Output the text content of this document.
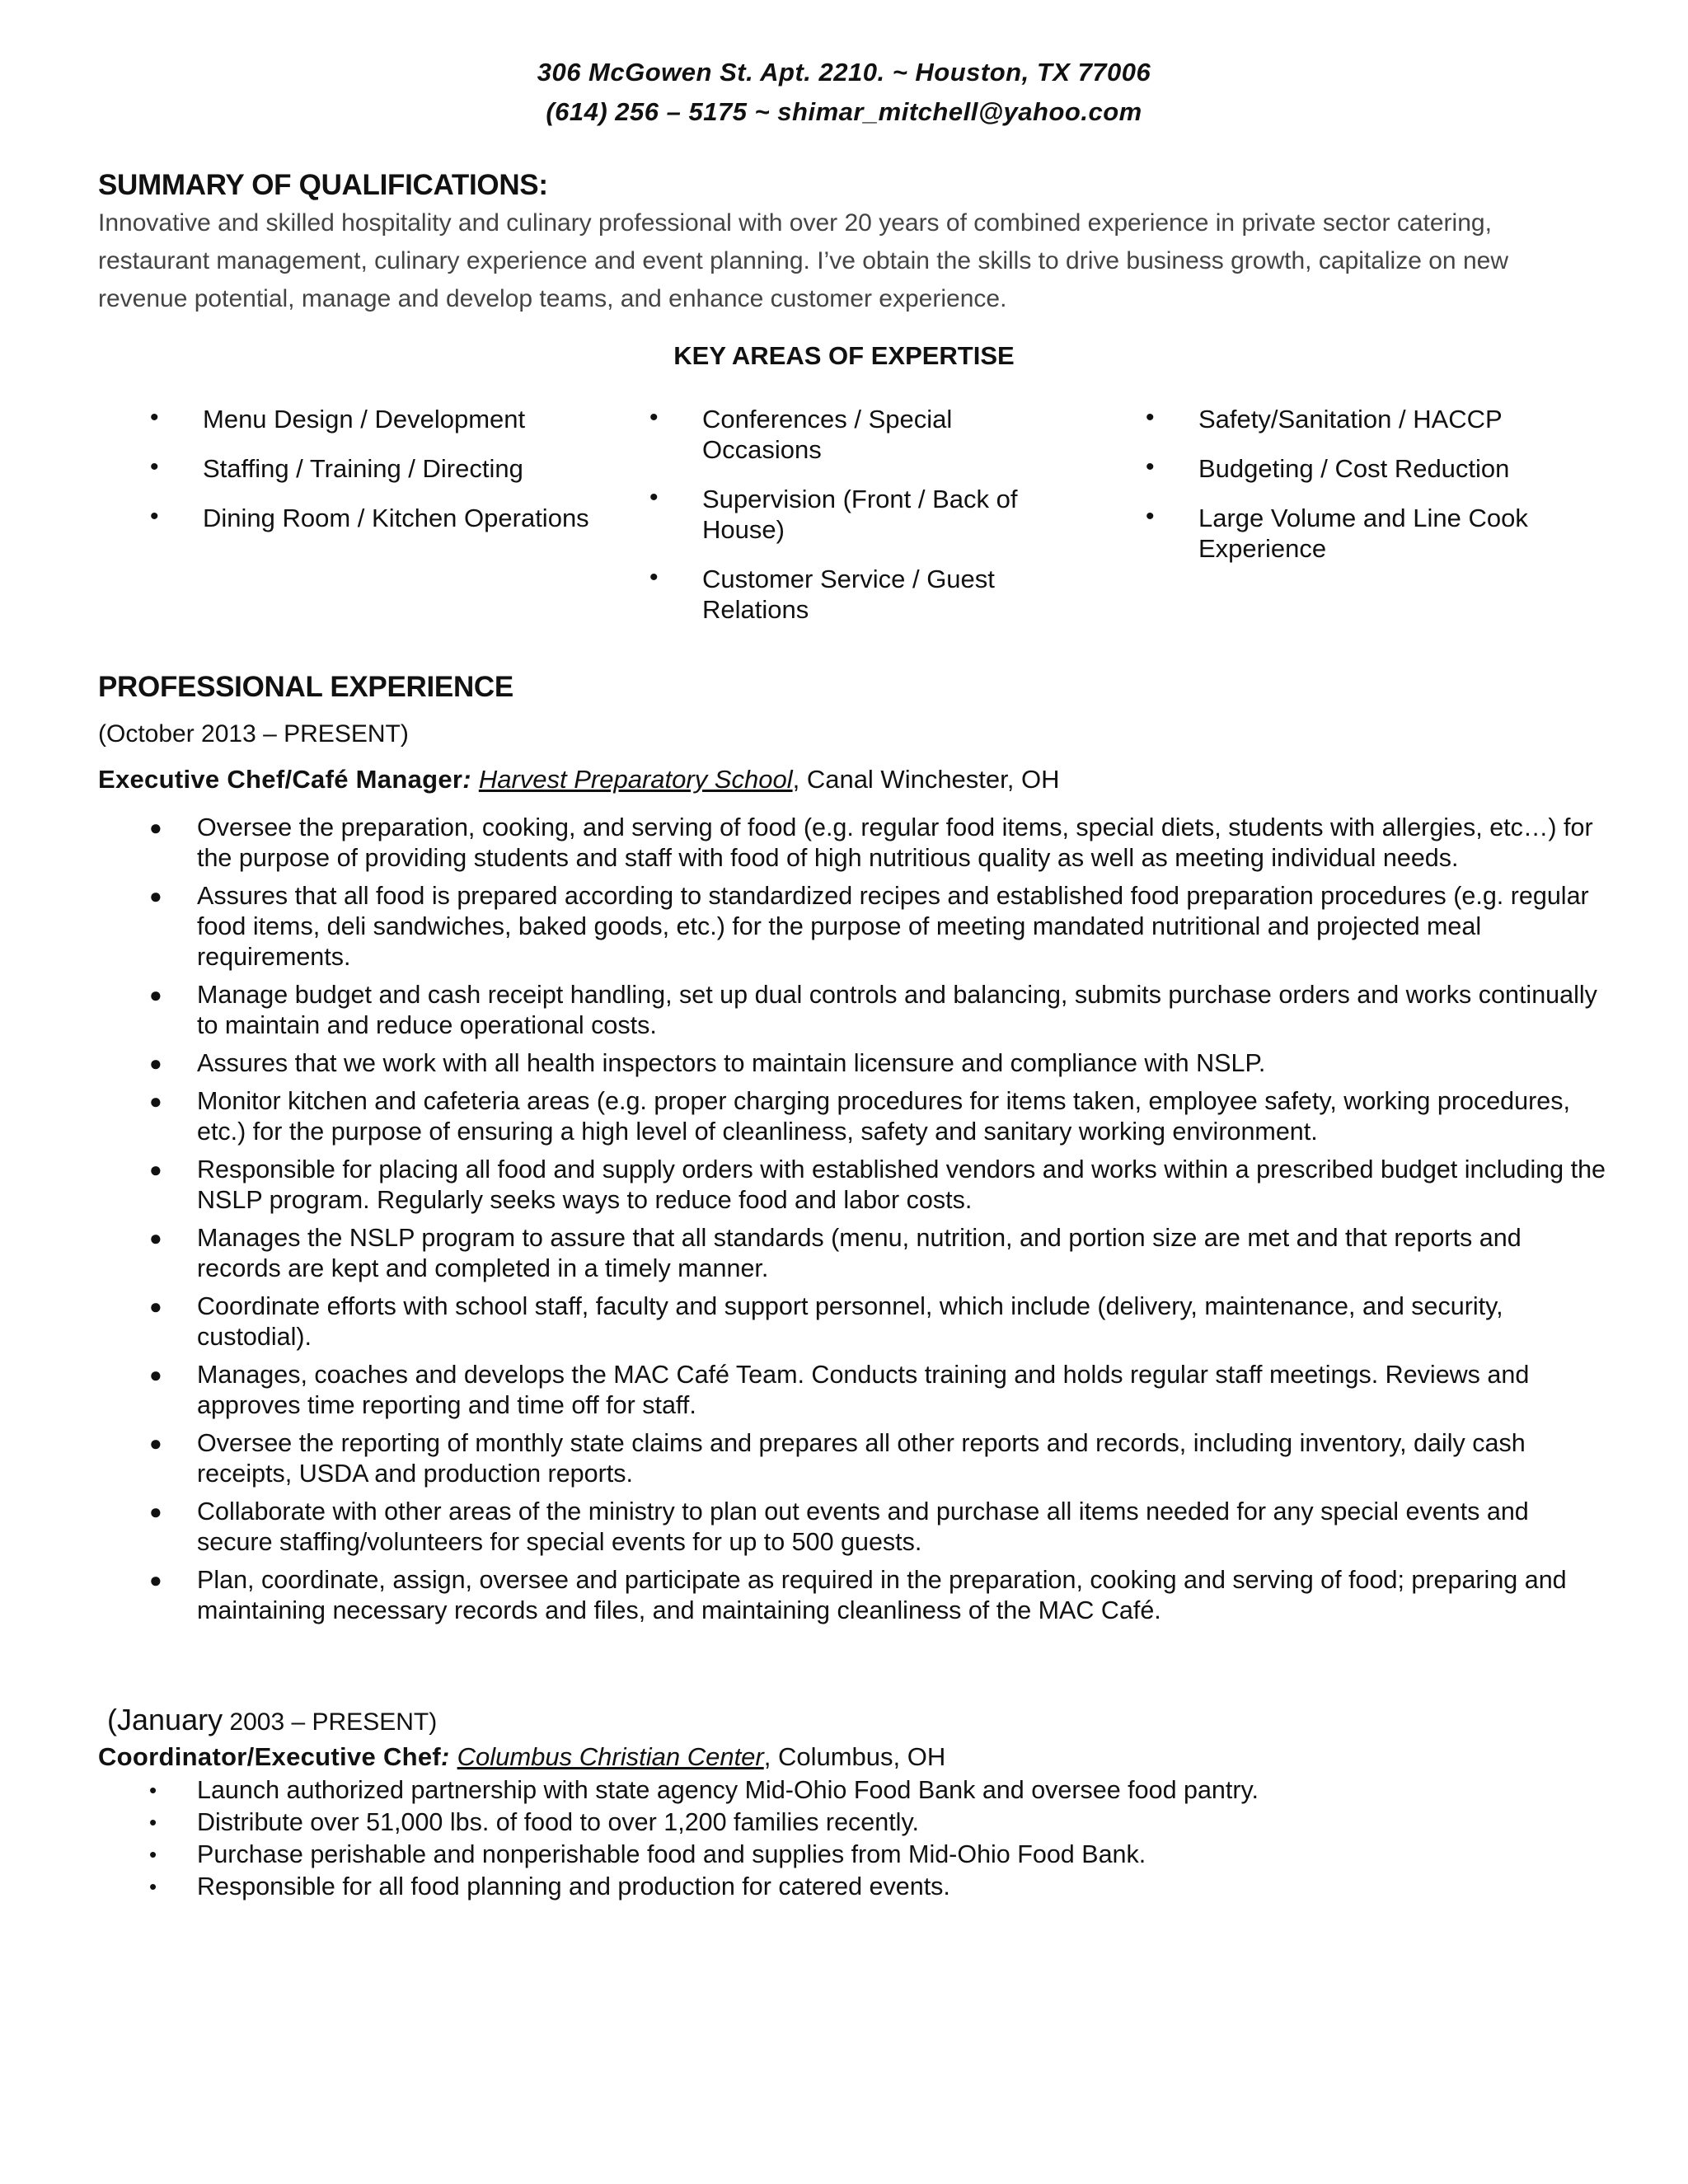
306 McGowen St. Apt. 2210. ~ Houston, TX 77006
(614) 256 – 5175 ~ shimar_mitchell@yahoo.com
SUMMARY OF QUALIFICATIONS:

Innovative and skilled hospitality and culinary professional with over 20 years of combined experience in private sector catering, restaurant management, culinary experience and event planning. I’ve obtain the skills to drive business growth, capitalize on new revenue potential, manage and develop teams, and enhance customer experience.

KEY AREAS OF EXPERTISE
• Menu Design / Development
• Staffing / Training / Directing
• Dining Room / Kitchen Operations
• Conferences / Special Occasions
• Supervision (Front / Back of House)
• Customer Service / Guest Relations
• Safety/Sanitation / HACCP
• Budgeting / Cost Reduction
• Large Volume and Line Cook Experience
PROFESSIONAL EXPERIENCE
(October 2013 – PRESENT)
Executive Chef/Café Manager: Harvest Preparatory School, Canal Winchester, OH
● Oversee the preparation, cooking, and serving of food (e.g. regular food items, special diets, students with allergies, etc…) for the purpose of providing students and staff with food of high nutritious quality as well as meeting individual needs.
● Assures that all food is prepared according to standardized recipes and established food preparation procedures (e.g. regular food items, deli sandwiches, baked goods, etc.) for the purpose of meeting mandated nutritional and projected meal requirements.
● Manage budget and cash receipt handling, set up dual controls and balancing, submits purchase orders and works continually to maintain and reduce operational costs.
● Assures that we work with all health inspectors to maintain licensure and compliance with NSLP.
● Monitor kitchen and cafeteria areas (e.g. proper charging procedures for items taken, employee safety, working procedures, etc.) for the purpose of ensuring a high level of cleanliness, safety and sanitary working environment.
● Responsible for placing all food and supply orders with established vendors and works within a prescribed budget including the NSLP program. Regularly seeks ways to reduce food and labor costs.
● Manages the NSLP program to assure that all standards (menu, nutrition, and portion size are met and that reports and records are kept and completed in a timely manner.
● Coordinate efforts with school staff, faculty and support personnel, which include (delivery, maintenance, and security, custodial).
● Manages, coaches and develops the MAC Café Team. Conducts training and holds regular staff meetings. Reviews and approves time reporting and time off for staff.
● Oversee the reporting of monthly state claims and prepares all other reports and records, including inventory, daily cash receipts, USDA and production reports.
● Collaborate with other areas of the ministry to plan out events and purchase all items needed for any special events and secure staffing/volunteers for special events for up to 500 guests.
● Plan, coordinate, assign, oversee and participate as required in the preparation, cooking and serving of food; preparing and maintaining necessary records and files, and maintaining cleanliness of the MAC Café.
(January 2003 – PRESENT)
Coordinator/Executive Chef: Columbus Christian Center, Columbus, OH
• Launch authorized partnership with state agency Mid-Ohio Food Bank and oversee food pantry.
• Distribute over 51,000 lbs. of food to over 1,200 families recently.
• Purchase perishable and nonperishable food and supplies from Mid-Ohio Food Bank.
• Responsible for all food planning and production for catered events.
